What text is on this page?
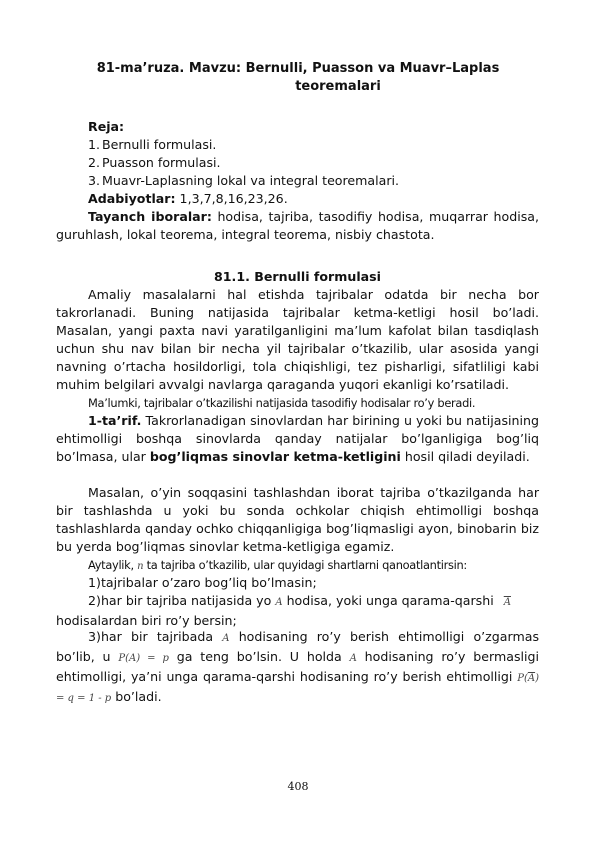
81-ma’ruza. Mavzu: Bernulli, Puasson va Muavr–Laplas
teoremalari
Reja:
1. Bernulli formulasi.
2. Puasson formulasi.
3. Muavr-Laplasning lokal va integral teoremalari.
Adabiyotlar: 1,3,7,8,16,23,26.

Tayanch iboralar: hodisa, tajriba, tasodifiy hodisa, muqarrar hodisa, guruhlash, lokal teorema, integral teorema, nisbiy chastota.

81.1. Bernulli formulasi

Amaliy masalalarni hal etishda tajribalar odatda bir necha bor takrorlanadi. Buning natijasida tajribalar ketma-ketligi hosil bo’ladi. Masalan, yangi paxta navi yaratilganligini ma’lum kafolat bilan tasdiqlash uchun shu nav bilan bir necha yil tajribalar o’tkazilib, ular asosida yangi navning o’rtacha hosildorligi, tola chiqishligi, tez pisharligi, sifatliligi kabi muhim belgilari avvalgi navlarga qaraganda yuqori ekanligi ko’rsatiladi.

Ma’lumki, tajribalar o’tkazilishi natijasida tasodifiy hodisalar ro’y beradi.

1-ta’rif. Takrorlanadigan sinovlardan har birining u yoki bu natijasining ehtimolligi boshqa sinovlarda qanday natijalar bo’lganligiga bog’liq bo’lmasa, ular bog’liqmas sinovlar ketma-ketligini hosil qiladi deyiladi.

Masalan, o’yin soqqasini tashlashdan iborat tajriba o’tkazilganda har bir tashlashda u yoki bu sonda ochkolar chiqish ehtimolligi boshqa tashlashlarda qanday ochko chiqqanligiga bog’liqmasligi ayon, binobarin biz bu yerda bog’liqmas sinovlar ketma-ketligiga egamiz.

Aytaylik, n ta tajriba o’tkazilib, ular quyidagi shartlarni qanoatlantirsin:

1)tajribalar o’zaro bog’liq bo’lmasin;

2)har bir tajriba natijasida yo A hodisa, yoki unga qarama-qarshi $\overline{A}$
hodisalardan biri ro’y bersin;

3)har bir tajribada A hodisaning ro’y berish ehtimolligi o’zgarmas bo’lib, u P(A) = p ga teng bo’lsin. U holda A hodisaning ro’y bermasligi ehtimolligi, ya’ni unga qarama-qarshi hodisaning ro’y berish ehtimolligi $P(\overline{A}) = q = 1 - p$ bo’ladi.

408
